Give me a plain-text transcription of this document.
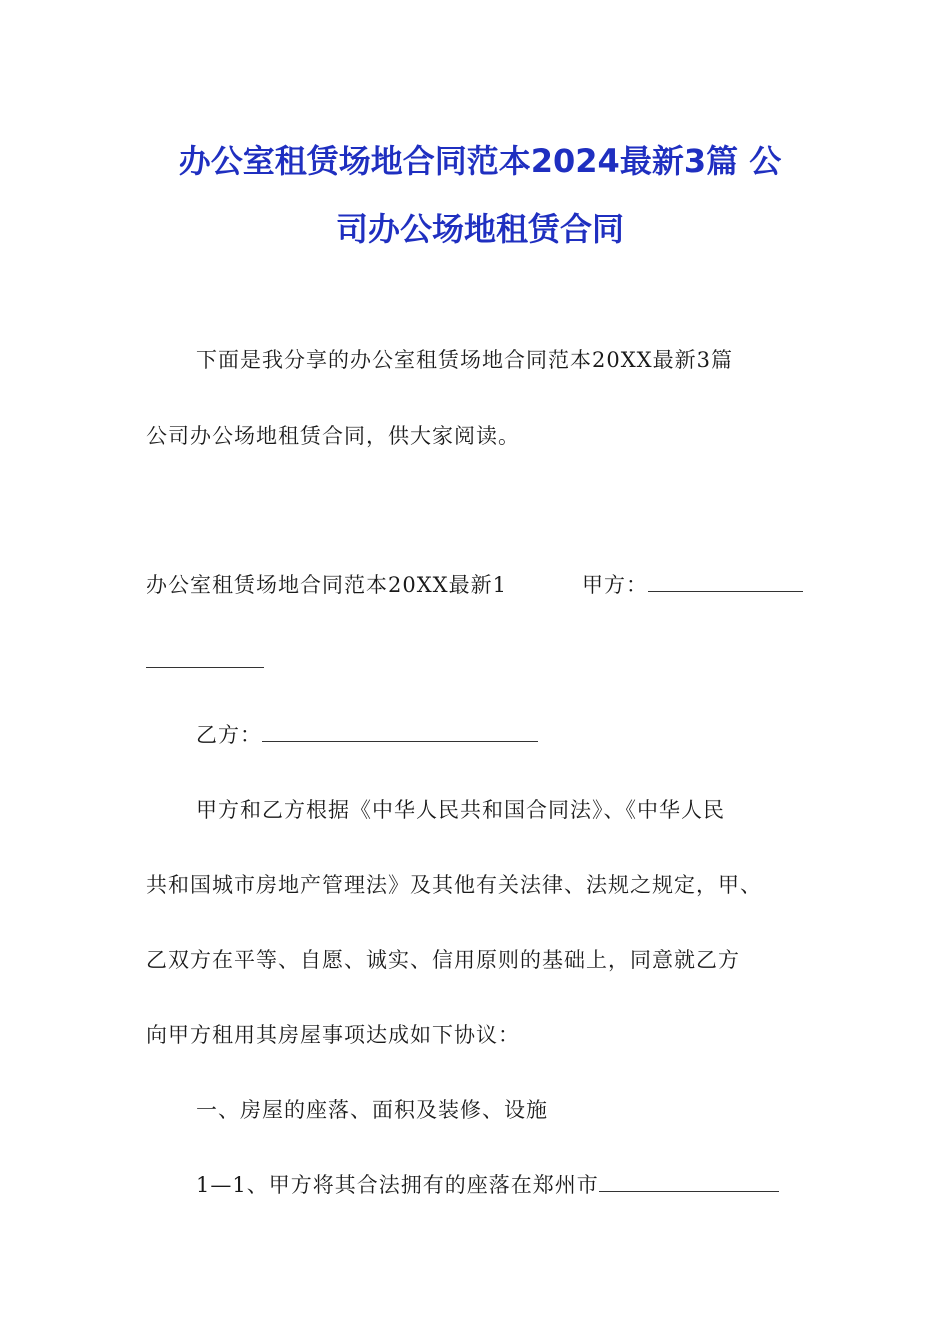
办公室租赁场地合同范本2024最新3篇 公
司办公场地租赁合同
下面是我分享的办公室租赁场地合同范本20XX最新3篇
公司办公场地租赁合同，供大家阅读。
办公室租赁场地合同范本20XX最新1	甲方：
乙方：
甲方和乙方根据《中华人民共和国合同法》、《中华人民
共和国城市房地产管理法》及其他有关法律、法规之规定，甲、
乙双方在平等、自愿、诚实、信用原则的基础上，同意就乙方
向甲方租用其房屋事项达成如下协议：
一、房屋的座落、面积及装修、设施
1—1、甲方将其合法拥有的座落在郑州市
